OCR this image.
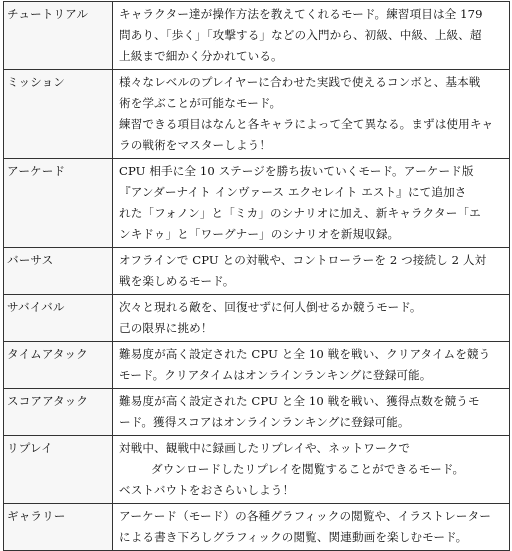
チュートリアル	キャラクター達が操作方法を教えてくれるモード。練習項目は全 179
問あり、「歩く」「攻撃する」などの入門から、初級、中級、上級、超
上級まで細かく分かれている。

ミッション	様々なレベルのプレイヤーに合わせた実践で使えるコンボと、基本戦
術を学ぶことが可能なモード。
練習できる項目はなんと各キャラによって全て異なる。まずは使用キャ
ラの戦術をマスターしよう！

アーケード	CPU 相手に全 10 ステージを勝ち抜いていくモード。アーケード版
『アンダーナイト インヴァース エクセレイト エスト』にて追加さ
れた「フォノン」と「ミカ」のシナリオに加え、新キャラクター「エ
ンキドゥ」と「ワーグナー」のシナリオを新規収録。

バーサス	オフラインで CPU との対戦や、コントローラーを 2 つ接続し 2 人対
戦を楽しめるモード。

サバイバル	次々と現れる敵を、回復せずに何人倒せるか競うモード。
己の限界に挑め！

タイムアタック	難易度が高く設定された CPU と全 10 戦を戦い、クリアタイムを競う
モード。クリアタイムはオンラインランキングに登録可能。

スコアアタック	難易度が高く設定された CPU と全 10 戦を戦い、獲得点数を競うモ
ード。獲得スコアはオンラインランキングに登録可能。

リプレイ	対戦中、観戦中に録画したリプレイや、ネットワークで
ダウンロードしたリプレイを閲覧することができるモード。
ベストバウトをおさらいしよう！

ギャラリー	アーケード（モード）の各種グラフィックの閲覧や、イラストレーター
による書き下ろしグラフィックの閲覧、関連動画を楽しむモード。
